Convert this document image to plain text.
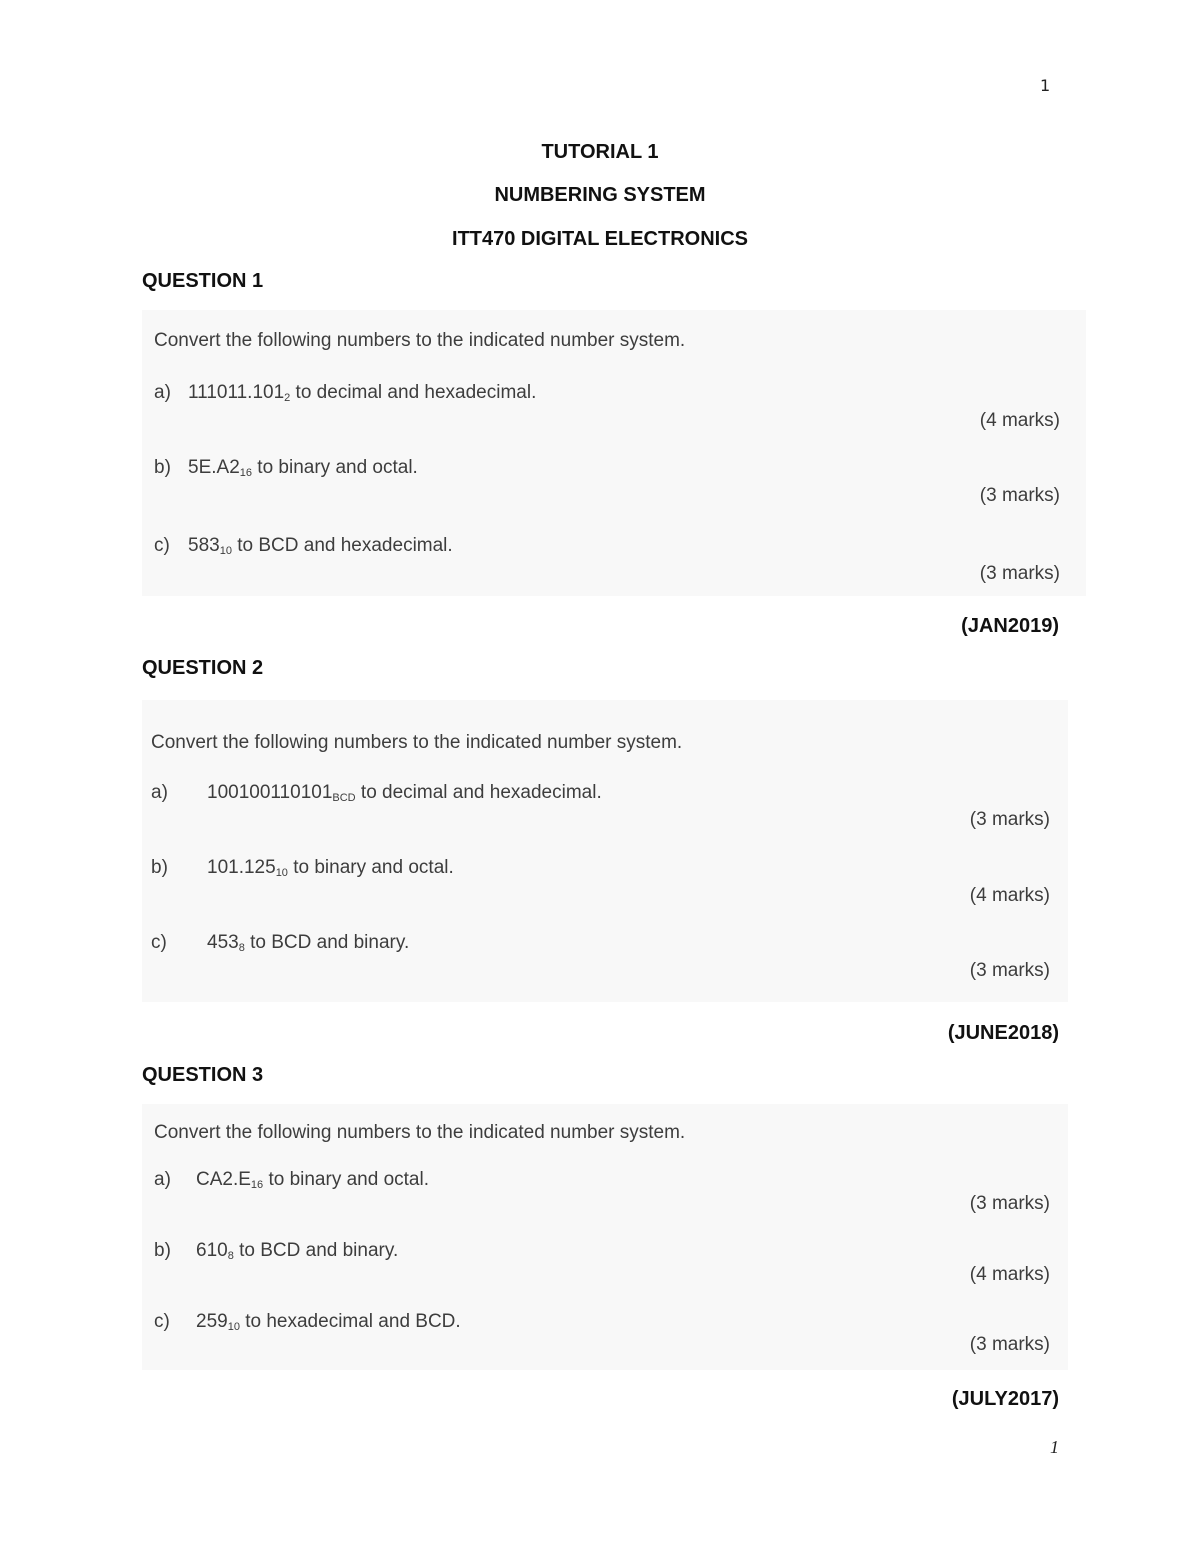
1
1
TUTORIAL 1
NUMBERING SYSTEM
ITT470 DIGITAL ELECTRONICS
QUESTION 1
Convert the following numbers to the indicated number system.
a) $111011.101_2$ to decimal and hexadecimal.
(4 marks)
b) $5E.A2_{16}$ to binary and octal.
(3 marks)
c) $583_{10}$ to BCD and hexadecimal.
(3 marks)
(JAN2019)
QUESTION 2
Convert the following numbers to the indicated number system.
a) $100100110101_{BCD}$ to decimal and hexadecimal.
(3 marks)
b) $101.125_{10}$ to binary and octal.
(4 marks)
c) $453_8$ to BCD and binary.
(3 marks)
(JUNE2018)
QUESTION 3
Convert the following numbers to the indicated number system.
a) $CA2.E_{16}$ to binary and octal.
(3 marks)
b) $610_8$ to BCD and binary.
(4 marks)
c) $259_{10}$ to hexadecimal and BCD.
(3 marks)
(JULY2017)
